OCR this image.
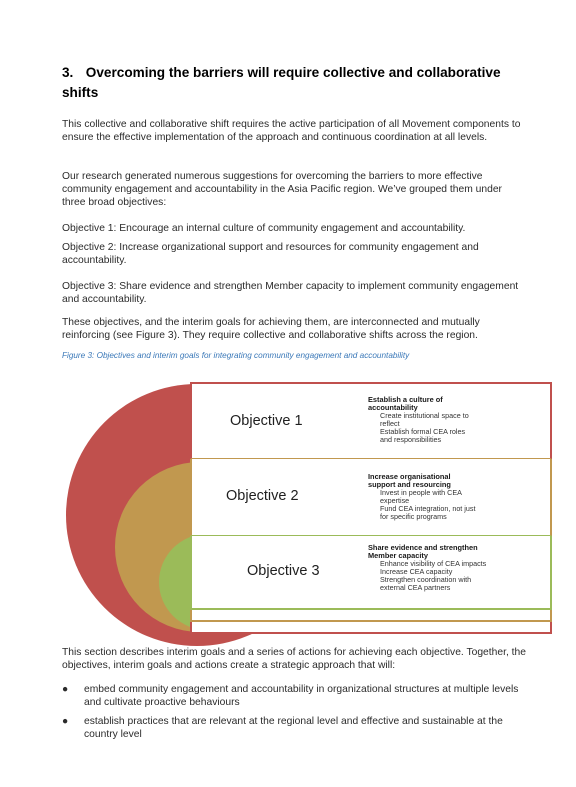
3. Overcoming the barriers will require collective and collaborative shifts

This collective and collaborative shift requires the active participation of all Movement components to ensure the effective implementation of the approach and continuous coordination at all levels.

Our research generated numerous suggestions for overcoming the barriers to more effective community engagement and accountability in the Asia Pacific region. We’ve grouped them under three broad objectives:

Objective 1: Encourage an internal culture of community engagement and accountability.

Objective 2: Increase organizational support and resources for community engagement and accountability.

Objective 3: Share evidence and strengthen Member capacity to implement community engagement and accountability.

These objectives, and the interim goals for achieving them, are interconnected and mutually reinforcing (see Figure 3). They require collective and collaborative shifts across the region.

Figure 3: Objectives and interim goals for integrating community engagement and accountability

Objective 1
Objective 2
Objective 3
Establish a culture of accountability
Create institutional space to reflect
Establish formal CEA roles and responsibilities
Increase organisational support and resourcing
Invest in people with CEA expertise
Fund CEA integration, not just for specific programs
Share evidence and strengthen Member capacity
Enhance visibility of CEA impacts
Increase CEA capacity
Strengthen coordination with external CEA partners

This section describes interim goals and a series of actions for achieving each objective. Together, the objectives, interim goals and actions create a strategic approach that will:

● embed community engagement and accountability in organizational structures at multiple levels and cultivate proactive behaviours
● establish practices that are relevant at the regional level and effective and sustainable at the country level
